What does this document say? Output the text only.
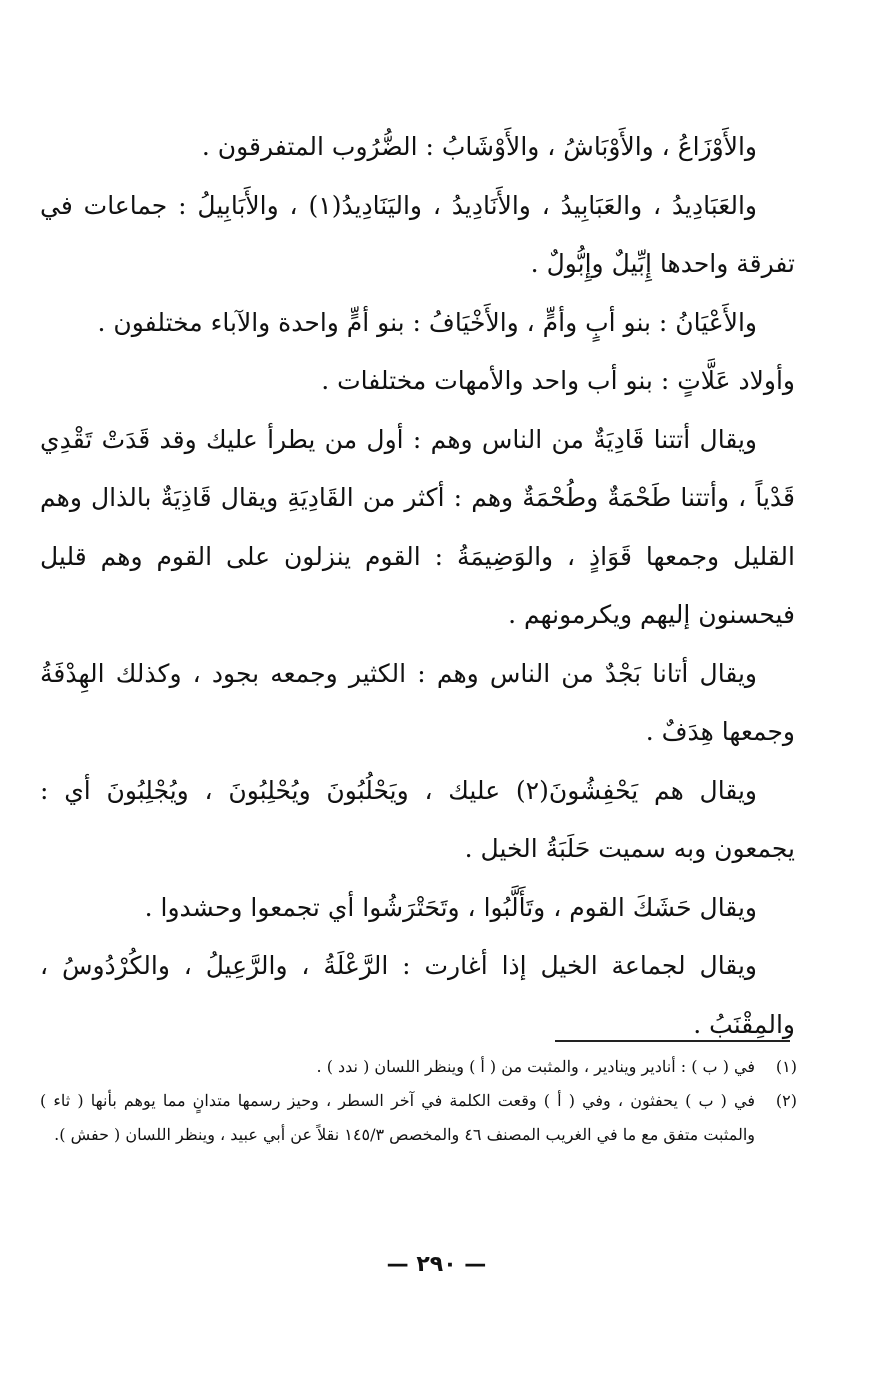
والأَوْزَاعُ ، والأَوْبَاشُ ، والأَوْشَابُ : الضُّرُوب المتفرقون .

والعَبَادِيدُ ، والعَبَابِيدُ ، والأَنَادِيدُ ، واليَنَادِيدُ(١) ، والأَبَابِيلُ : جماعات في تفرقة واحدها إِبِّيلٌ وإِبُّولٌ .

والأَعْيَانُ : بنو أبٍ وأمٍّ ، والأَخْيَافُ : بنو أمٍّ واحدة والآباء مختلفون .

وأولاد عَلَّاتٍ : بنو أب واحد والأمهات مختلفات .

ويقال أتتنا قَادِيَةٌ من الناس وهم : أول من يطرأ عليك وقد قَدَتْ تَقْدِي قَدْياً ، وأتتنا طَحْمَةٌ وطُحْمَةٌ وهم : أكثر من القَادِيَةِ ويقال قَاذِيَةٌ بالذال وهم القليل وجمعها قَوَاذٍ ، والوَضِيمَةُ : القوم ينزلون على القوم وهم قليل فيحسنون إليهم ويكرمونهم .

ويقال أتانا بَجْدٌ من الناس وهم : الكثير وجمعه بجود ، وكذلك الهِدْفَةُ وجمعها هِدَفٌ .

ويقال هم يَحْفِشُونَ(٢) عليك ، ويَحْلُبُونَ ويُحْلِبُونَ ، ويُجْلِبُونَ أي : يجمعون وبه سميت حَلَبَةُ الخيل .

ويقال حَشَكَ القوم ، وتَأَلَّبُوا ، وتَحَتْرَشُوا أي تجمعوا وحشدوا .

ويقال لجماعة الخيل إذا أغارت : الرَّعْلَةُ ، والرَّعِيلُ ، والكُرْدُوسُ ، والمِقْنَبُ .

(١)
في ( ب ) : أنادير وينادير ، والمثبت من ( أ ) وينظر اللسان ( ندد ) .

(٢)
في ( ب ) يحفثون ، وفي ( أ ) وقعت الكلمة في آخر السطر ، وحيز رسمها متدانٍ مما يوهم بأنها ( ثاء ) والمثبت متفق مع ما في الغريب المصنف ٤٦ والمخصص ١٤٥/٣ نقلاً عن أبي عبيد ، وينظر اللسان ( حفش ).

— ٢٩٠ —
